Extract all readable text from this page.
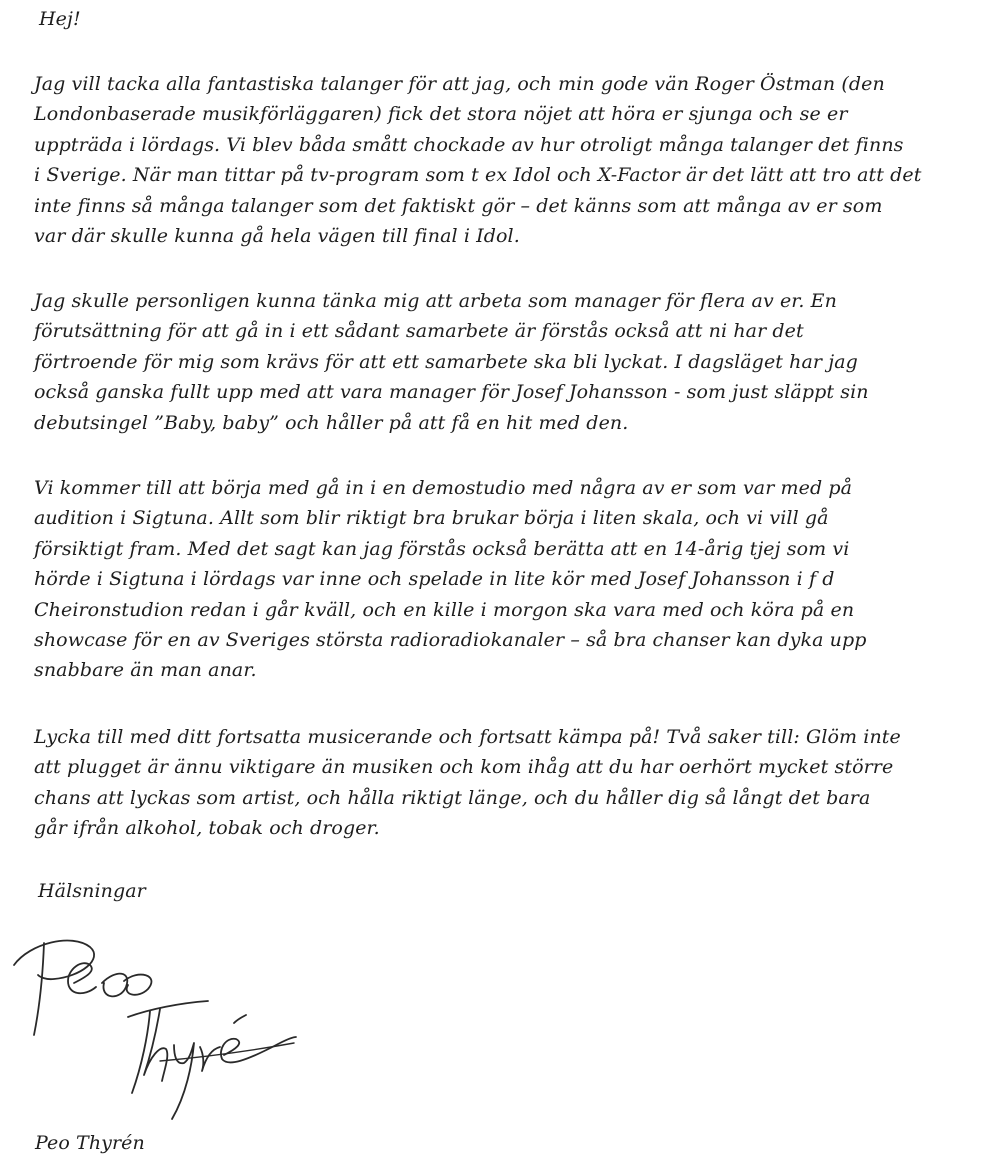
Hej!
Jag vill tacka alla fantastiska talanger för att jag, och min gode vän Roger Östman (den
Londonbaserade musikförläggaren) fick det stora nöjet att höra er sjunga och se er
uppträda i lördags. Vi blev båda smått chockade av hur otroligt många talanger det finns
i Sverige. När man tittar på tv-program som t ex Idol och X-Factor är det lätt att tro att det
inte finns så många talanger som det faktiskt gör – det känns som att många av er som
var där skulle kunna gå hela vägen till final i Idol.
Jag skulle personligen kunna tänka mig att arbeta som manager för flera av er. En
förutsättning för att gå in i ett sådant samarbete är förstås också att ni har det
förtroende för mig som krävs för att ett samarbete ska bli lyckat. I dagsläget har jag
också ganska fullt upp med att vara manager för Josef Johansson - som just släppt sin
debutsingel ”Baby, baby” och håller på att få en hit med den.
Vi kommer till att börja med gå in i en demostudio med några av er som var med på
audition i Sigtuna. Allt som blir riktigt bra brukar börja i liten skala, och vi vill gå
försiktigt fram. Med det sagt kan jag förstås också berätta att en 14-årig tjej som vi
hörde i Sigtuna i lördags var inne och spelade in lite kör med Josef Johansson i f d
Cheironstudion redan i går kväll, och en kille i morgon ska vara med och köra på en
showcase för en av Sveriges största radioradiokanaler – så bra chanser kan dyka upp
snabbare än man anar.
Lycka till med ditt fortsatta musicerande och fortsatt kämpa på! Två saker till: Glöm inte
att plugget är ännu viktigare än musiken och kom ihåg att du har oerhört mycket större
chans att lyckas som artist, och hålla riktigt länge, och du håller dig så långt det bara
går ifrån alkohol, tobak och droger.
Hälsningar
Peo Thyrén
